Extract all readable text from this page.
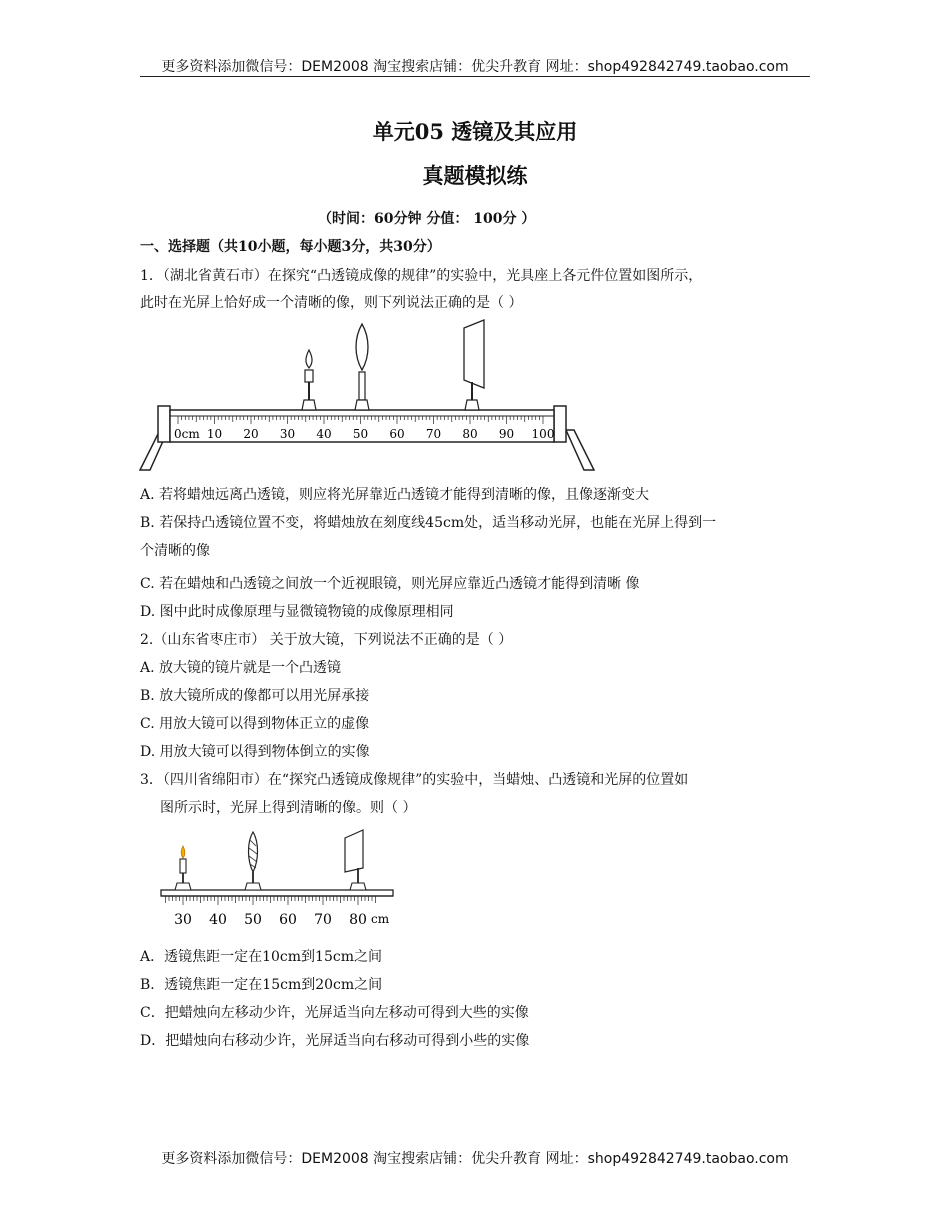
更多资料添加微信号：DEM2008 淘宝搜索店铺：优尖升教育 网址：shop492842749.taobao.com
单元05 透镜及其应用
真题模拟练
（时间：60分钟 分值： 100分 ）
一、选择题（共10小题，每小题3分，共30分）
1．（湖北省黄石市）在探究“凸透镜成像的规律”的实验中，光具座上各元件位置如图所示，
此时在光屏上恰好成一个清晰的像，则下列说法正确的是（ ）
0cm 10 20 30 40 50 60 70 80 90 100
A. 若将蜡烛远离凸透镜，则应将光屏靠近凸透镜才能得到清晰的像，且像逐渐变大
B. 若保持凸透镜位置不变，将蜡烛放在刻度线45cm处，适当移动光屏，也能在光屏上得到一
个清晰的像
C. 若在蜡烛和凸透镜之间放一个近视眼镜，则光屏应靠近凸透镜才能得到清晰 像
D. 图中此时成像原理与显微镜物镜的成像原理相同
2.（山东省枣庄市） 关于放大镜，下列说法不正确的是（ ）
A. 放大镜的镜片就是一个凸透镜
B. 放大镜所成的像都可以用光屏承接
C. 用放大镜可以得到物体正立的虚像
D. 用放大镜可以得到物体倒立的实像
3．（四川省绵阳市）在“探究凸透镜成像规律”的实验中，当蜡烛、凸透镜和光屏的位置如
图所示时，光屏上得到清晰的像。则（ ）
30 40 50 60 70 80 cm
A．透镜焦距一定在10cm到15cm之间
B．透镜焦距一定在15cm到20cm之间
C．把蜡烛向左移动少许，光屏适当向左移动可得到大些的实像
D．把蜡烛向右移动少许，光屏适当向右移动可得到小些的实像
更多资料添加微信号：DEM2008 淘宝搜索店铺：优尖升教育 网址：shop492842749.taobao.com
